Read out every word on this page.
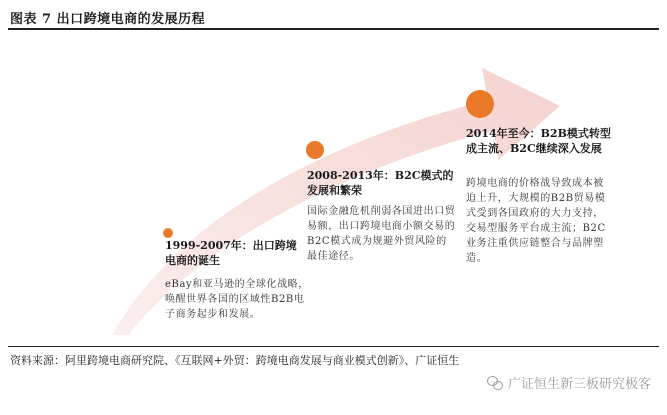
图表 7 出口跨境电商的发展历程
1999-2007年：出口跨境电商的诞生
eBay和亚马逊的全球化战略，唤醒世界各国的区域性B2B电子商务起步和发展。
2008-2013年：B2C模式的发展和繁荣
国际金融危机削弱各国进出口贸易额，出口跨境电商小额交易的B2C模式成为规避外贸风险的最佳途径。
2014年至今：B2B模式转型成主流、B2C继续深入发展
跨境电商的价格战导致成本被迫上升，大规模的B2B贸易模式受到各国政府的大力支持，交易型服务平台成主流；B2C业务注重供应链整合与品牌塑造。
资料来源：阿里跨境电商研究院、《互联网+外贸：跨境电商发展与商业模式创新》、广证恒生
广证恒生新三板研究极客
